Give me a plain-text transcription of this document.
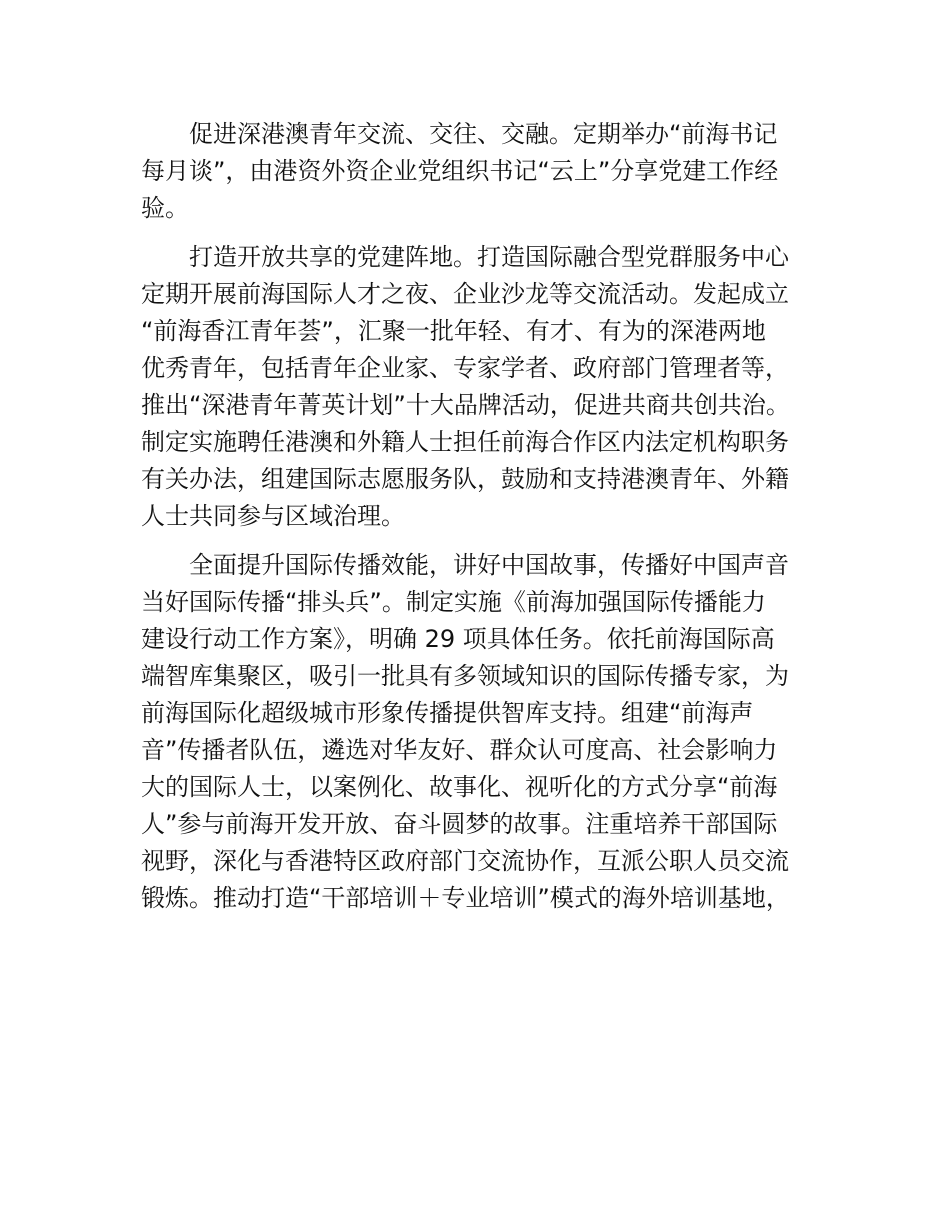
促进深港澳青年交流、交往、交融。定期举办“前海书记
每月谈”，由港资外资企业党组织书记“云上”分享党建工作经
验。

打造开放共享的党建阵地。打造国际融合型党群服务中心
定期开展前海国际人才之夜、企业沙龙等交流活动。发起成立
“前海香江青年荟”，汇聚一批年轻、有才、有为的深港两地
优秀青年，包括青年企业家、专家学者、政府部门管理者等，
推出“深港青年菁英计划”十大品牌活动，促进共商共创共治。
制定实施聘任港澳和外籍人士担任前海合作区内法定机构职务
有关办法，组建国际志愿服务队，鼓励和支持港澳青年、外籍
人士共同参与区域治理。

全面提升国际传播效能，讲好中国故事，传播好中国声音
当好国际传播“排头兵”。制定实施《前海加强国际传播能力
建设行动工作方案》，明确 29 项具体任务。依托前海国际高
端智库集聚区，吸引一批具有多领域知识的国际传播专家，为
前海国际化超级城市形象传播提供智库支持。组建“前海声
音”传播者队伍，遴选对华友好、群众认可度高、社会影响力
大的国际人士，以案例化、故事化、视听化的方式分享“前海
人”参与前海开发开放、奋斗圆梦的故事。注重培养干部国际
视野，深化与香港特区政府部门交流协作，互派公职人员交流
锻炼。推动打造“干部培训＋专业培训”模式的海外培训基地，
